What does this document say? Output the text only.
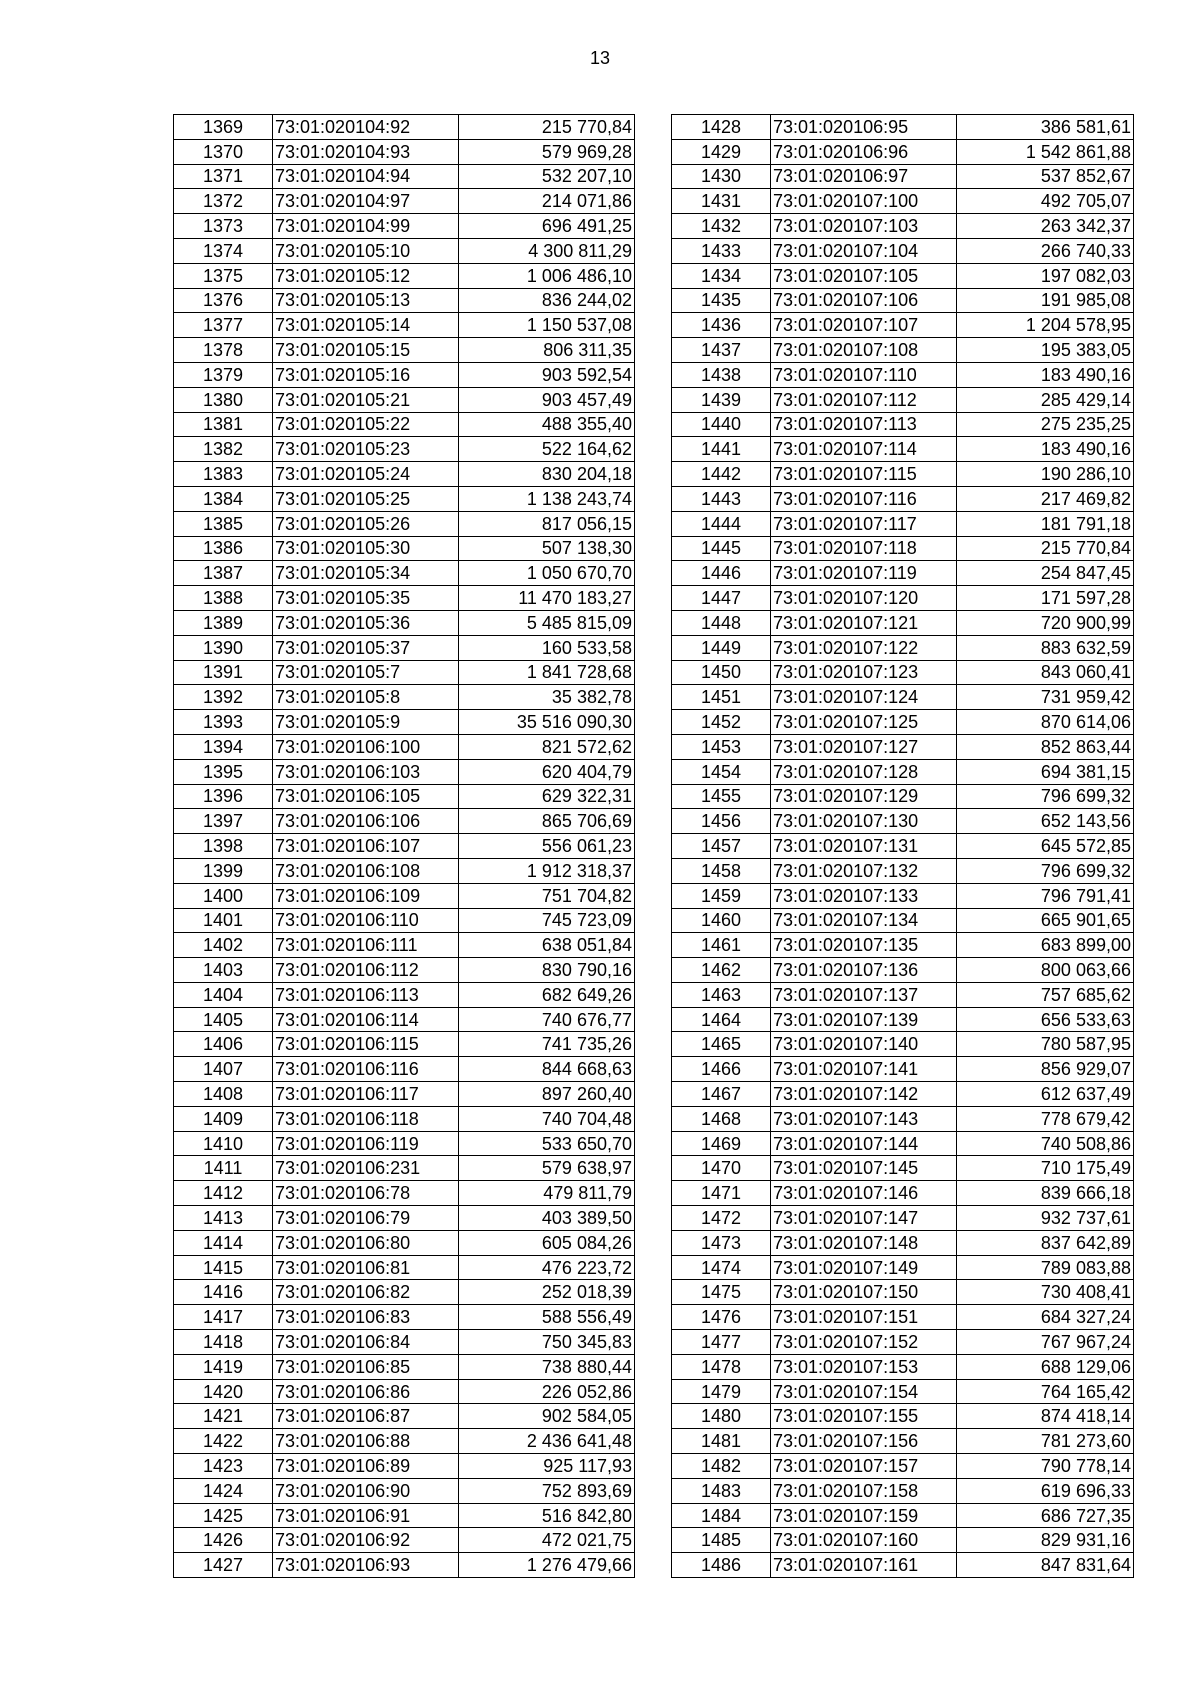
13
1369	73:01:020104:92	215 770,84
1370	73:01:020104:93	579 969,28
1371	73:01:020104:94	532 207,10
1372	73:01:020104:97	214 071,86
1373	73:01:020104:99	696 491,25
1374	73:01:020105:10	4 300 811,29
1375	73:01:020105:12	1 006 486,10
1376	73:01:020105:13	836 244,02
1377	73:01:020105:14	1 150 537,08
1378	73:01:020105:15	806 311,35
1379	73:01:020105:16	903 592,54
1380	73:01:020105:21	903 457,49
1381	73:01:020105:22	488 355,40
1382	73:01:020105:23	522 164,62
1383	73:01:020105:24	830 204,18
1384	73:01:020105:25	1 138 243,74
1385	73:01:020105:26	817 056,15
1386	73:01:020105:30	507 138,30
1387	73:01:020105:34	1 050 670,70
1388	73:01:020105:35	11 470 183,27
1389	73:01:020105:36	5 485 815,09
1390	73:01:020105:37	160 533,58
1391	73:01:020105:7	1 841 728,68
1392	73:01:020105:8	35 382,78
1393	73:01:020105:9	35 516 090,30
1394	73:01:020106:100	821 572,62
1395	73:01:020106:103	620 404,79
1396	73:01:020106:105	629 322,31
1397	73:01:020106:106	865 706,69
1398	73:01:020106:107	556 061,23
1399	73:01:020106:108	1 912 318,37
1400	73:01:020106:109	751 704,82
1401	73:01:020106:110	745 723,09
1402	73:01:020106:111	638 051,84
1403	73:01:020106:112	830 790,16
1404	73:01:020106:113	682 649,26
1405	73:01:020106:114	740 676,77
1406	73:01:020106:115	741 735,26
1407	73:01:020106:116	844 668,63
1408	73:01:020106:117	897 260,40
1409	73:01:020106:118	740 704,48
1410	73:01:020106:119	533 650,70
1411	73:01:020106:231	579 638,97
1412	73:01:020106:78	479 811,79
1413	73:01:020106:79	403 389,50
1414	73:01:020106:80	605 084,26
1415	73:01:020106:81	476 223,72
1416	73:01:020106:82	252 018,39
1417	73:01:020106:83	588 556,49
1418	73:01:020106:84	750 345,83
1419	73:01:020106:85	738 880,44
1420	73:01:020106:86	226 052,86
1421	73:01:020106:87	902 584,05
1422	73:01:020106:88	2 436 641,48
1423	73:01:020106:89	925 117,93
1424	73:01:020106:90	752 893,69
1425	73:01:020106:91	516 842,80
1426	73:01:020106:92	472 021,75
1427	73:01:020106:93	1 276 479,66
1428	73:01:020106:95	386 581,61
1429	73:01:020106:96	1 542 861,88
1430	73:01:020106:97	537 852,67
1431	73:01:020107:100	492 705,07
1432	73:01:020107:103	263 342,37
1433	73:01:020107:104	266 740,33
1434	73:01:020107:105	197 082,03
1435	73:01:020107:106	191 985,08
1436	73:01:020107:107	1 204 578,95
1437	73:01:020107:108	195 383,05
1438	73:01:020107:110	183 490,16
1439	73:01:020107:112	285 429,14
1440	73:01:020107:113	275 235,25
1441	73:01:020107:114	183 490,16
1442	73:01:020107:115	190 286,10
1443	73:01:020107:116	217 469,82
1444	73:01:020107:117	181 791,18
1445	73:01:020107:118	215 770,84
1446	73:01:020107:119	254 847,45
1447	73:01:020107:120	171 597,28
1448	73:01:020107:121	720 900,99
1449	73:01:020107:122	883 632,59
1450	73:01:020107:123	843 060,41
1451	73:01:020107:124	731 959,42
1452	73:01:020107:125	870 614,06
1453	73:01:020107:127	852 863,44
1454	73:01:020107:128	694 381,15
1455	73:01:020107:129	796 699,32
1456	73:01:020107:130	652 143,56
1457	73:01:020107:131	645 572,85
1458	73:01:020107:132	796 699,32
1459	73:01:020107:133	796 791,41
1460	73:01:020107:134	665 901,65
1461	73:01:020107:135	683 899,00
1462	73:01:020107:136	800 063,66
1463	73:01:020107:137	757 685,62
1464	73:01:020107:139	656 533,63
1465	73:01:020107:140	780 587,95
1466	73:01:020107:141	856 929,07
1467	73:01:020107:142	612 637,49
1468	73:01:020107:143	778 679,42
1469	73:01:020107:144	740 508,86
1470	73:01:020107:145	710 175,49
1471	73:01:020107:146	839 666,18
1472	73:01:020107:147	932 737,61
1473	73:01:020107:148	837 642,89
1474	73:01:020107:149	789 083,88
1475	73:01:020107:150	730 408,41
1476	73:01:020107:151	684 327,24
1477	73:01:020107:152	767 967,24
1478	73:01:020107:153	688 129,06
1479	73:01:020107:154	764 165,42
1480	73:01:020107:155	874 418,14
1481	73:01:020107:156	781 273,60
1482	73:01:020107:157	790 778,14
1483	73:01:020107:158	619 696,33
1484	73:01:020107:159	686 727,35
1485	73:01:020107:160	829 931,16
1486	73:01:020107:161	847 831,64
